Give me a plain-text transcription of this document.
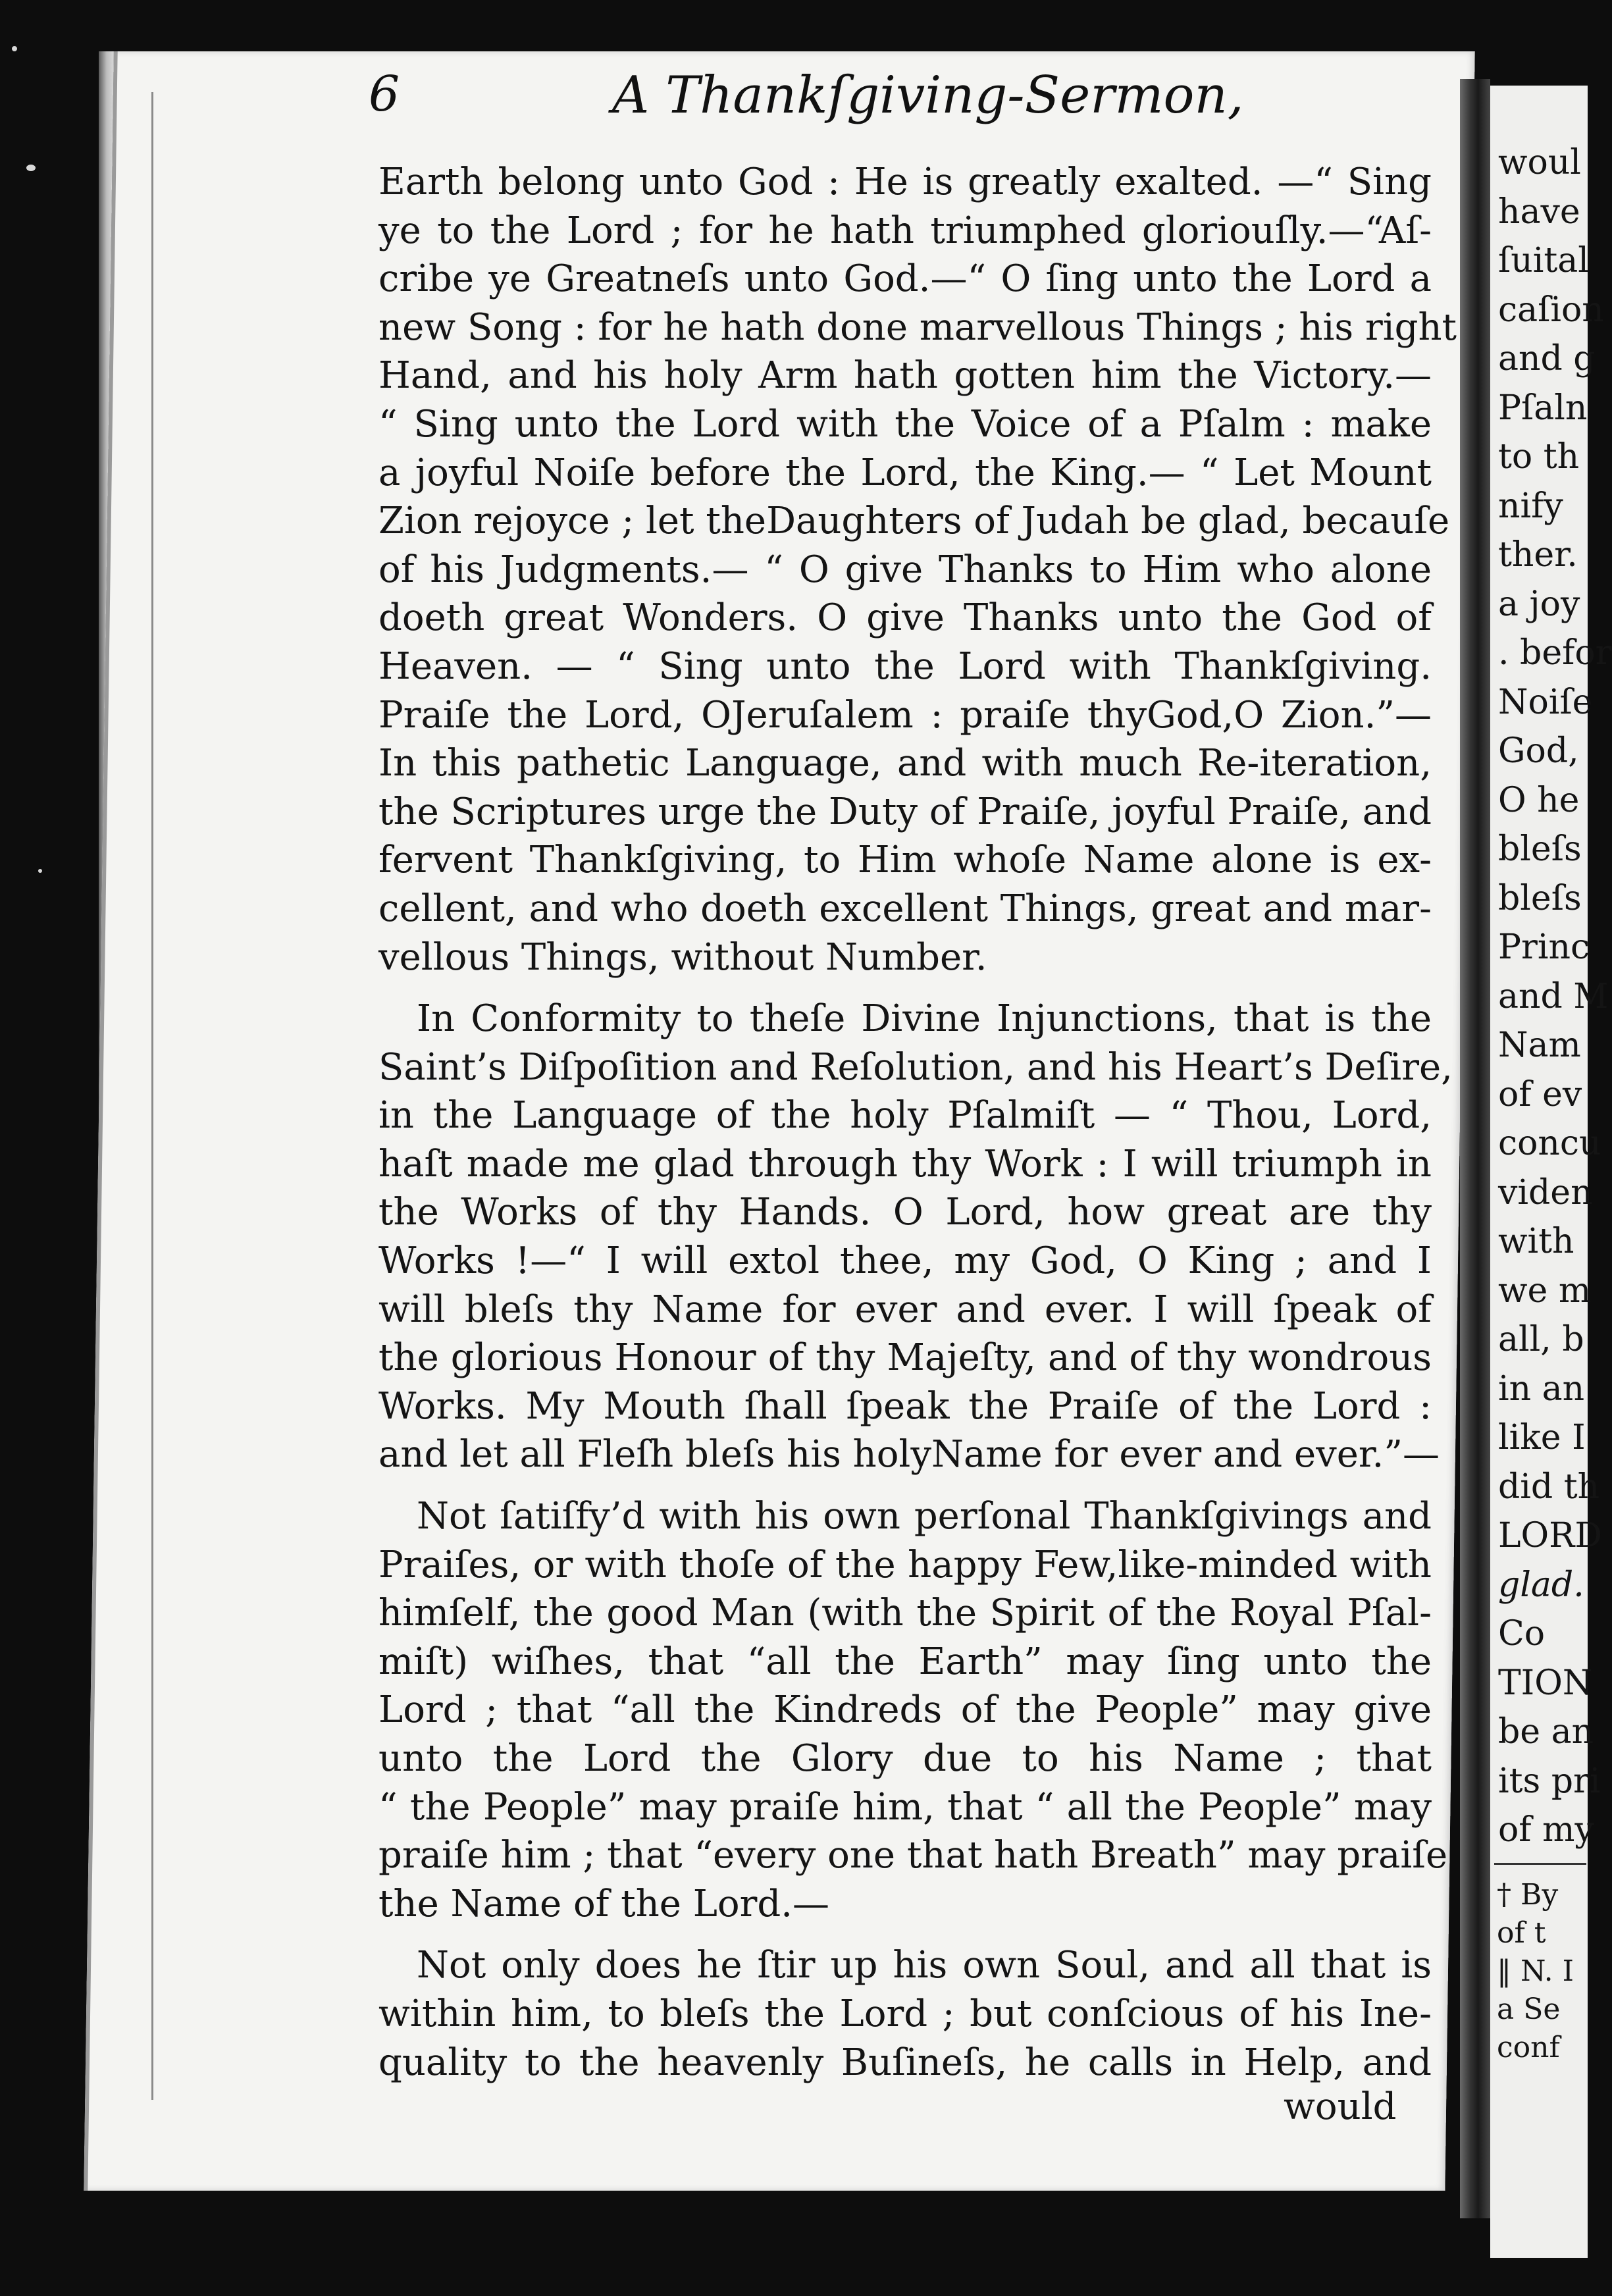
woul
have
ſuital
caſion
and g
Pſaln
to th
nify
ther.
a joy
. befor
Noiſe
God,
O he
bleſs
bleſs
Princ
and M
Nam
of ev
concu
viden
with
we m
all, b
in an
like I
did th
LORD
glad.
Co
TION
be an
its pri
of my
† By
of t
‖ N. I
a Se
conf
6	A Thankſgiving-Sermon,
Earth belong unto God : He is greatly exalted. —“ Sing
ye to the Lord ; for he hath triumphed gloriouſly.—“Aſ-
cribe ye Greatneſs unto God.—“ O ſing unto the Lord a
new Song : for he hath done marvellous Things ; his right
Hand, and his holy Arm hath gotten him the Victory.—
“ Sing unto the Lord with the Voice of a Pſalm : make
a joyful Noiſe before the Lord, the King.— “ Let Mount
Zion rejoyce ; let theDaughters of Judah be glad, becauſe
of his Judgments.— “ O give Thanks to Him who alone
doeth great Wonders. O give Thanks unto the God of
Heaven. — “ Sing unto the Lord with Thankſgiving.
Praiſe the Lord, OJeruſalem : praiſe thyGod,O Zion.”—
In this pathetic Language, and with much Re-iteration,
the Scriptures urge the Duty of Praiſe, joyful Praiſe, and
fervent Thankſgiving, to Him whoſe Name alone is ex-
cellent, and who doeth excellent Things, great and mar-
vellous Things, without Number.
In Conformity to theſe Divine Injunctions, that is the
Saint’s Diſpoſition and Reſolution, and his Heart’s Deſire,
in the Language of the holy Pſalmiſt — “ Thou, Lord,
haſt made me glad through thy Work : I will triumph in
the Works of thy Hands. O Lord, how great are thy
Works !—“ I will extol thee, my God, O King ; and I
will bleſs thy Name for ever and ever. I will ſpeak of
the glorious Honour of thy Majeſty, and of thy wondrous
Works. My Mouth ſhall ſpeak the Praiſe of the Lord :
and let all Fleſh bleſs his holyName for ever and ever.”—
Not ſatiſfy’d with his own perſonal Thankſgivings and
Praiſes, or with thoſe of the happy Few,like-minded with
himſelf, the good Man (with the Spirit of the Royal Pſal-
miſt) wiſhes, that “all the Earth” may ſing unto the
Lord ; that “all the Kindreds of the People” may give
unto the Lord the Glory due to his Name ; that
“ the People” may praiſe him, that “ all the People” may
praiſe him ; that “every one that hath Breath” may praiſe
the Name of the Lord.—
Not only does he ſtir up his own Soul, and all that is
within him, to bleſs the Lord ; but conſcious of his Ine-
quality to the heavenly Buſineſs, he calls in Help, and
would
